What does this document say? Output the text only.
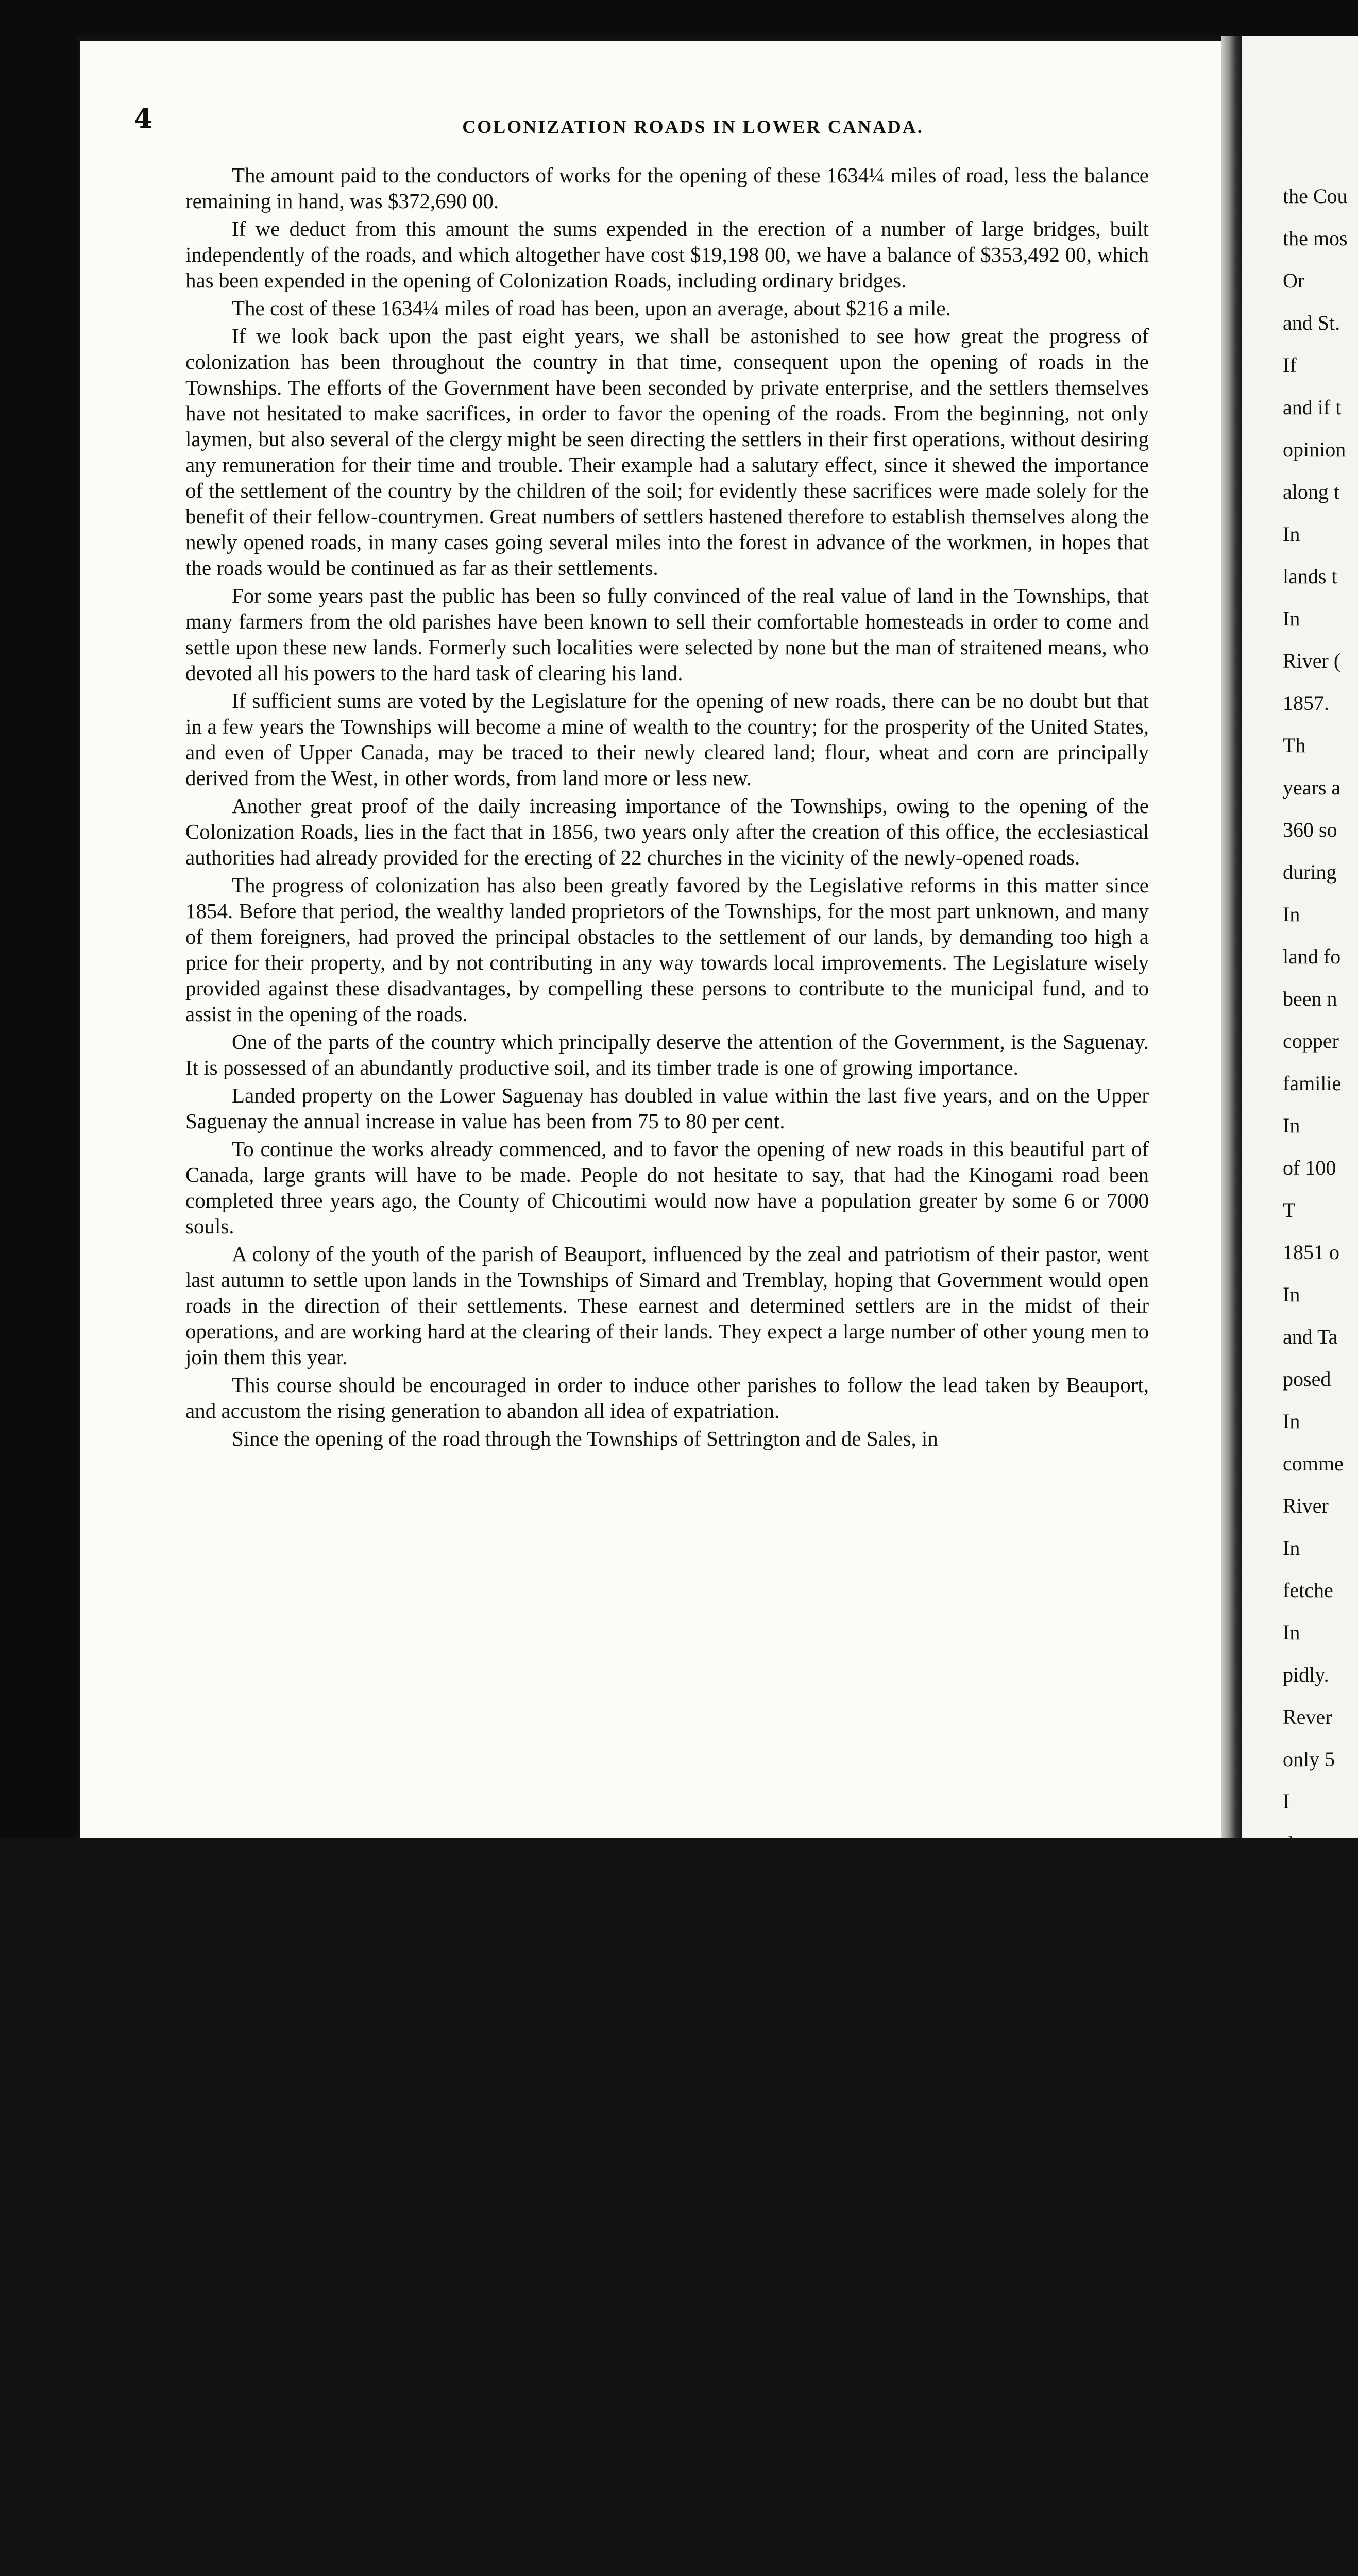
4	COLONIZATION ROADS IN LOWER CANADA.

The amount paid to the conductors of works for the opening of these 1634¼ miles of road, less the balance remaining in hand, was $372,690 00.

If we deduct from this amount the sums expended in the erection of a number of large bridges, built independently of the roads, and which altogether have cost $19,198 00, we have a balance of $353,492 00, which has been expended in the opening of Colonization Roads, including ordinary bridges.

The cost of these 1634¼ miles of road has been, upon an average, about $216 a mile.

If we look back upon the past eight years, we shall be astonished to see how great the progress of colonization has been throughout the country in that time, consequent upon the opening of roads in the Townships. The efforts of the Government have been seconded by private enterprise, and the settlers themselves have not hesitated to make sacrifices, in order to favor the opening of the roads. From the beginning, not only laymen, but also several of the clergy might be seen directing the settlers in their first operations, without desiring any remuneration for their time and trouble. Their example had a salutary effect, since it shewed the importance of the settlement of the country by the children of the soil; for evidently these sacrifices were made solely for the benefit of their fellow-countrymen. Great numbers of settlers hastened therefore to establish themselves along the newly opened roads, in many cases going several miles into the forest in advance of the workmen, in hopes that the roads would be continued as far as their settlements.

For some years past the public has been so fully convinced of the real value of land in the Townships, that many farmers from the old parishes have been known to sell their comfortable homesteads in order to come and settle upon these new lands. Formerly such localities were selected by none but the man of straitened means, who devoted all his powers to the hard task of clearing his land.

If sufficient sums are voted by the Legislature for the opening of new roads, there can be no doubt but that in a few years the Townships will become a mine of wealth to the country; for the prosperity of the United States, and even of Upper Canada, may be traced to their newly cleared land; flour, wheat and corn are principally derived from the West, in other words, from land more or less new.

Another great proof of the daily increasing importance of the Townships, owing to the opening of the Colonization Roads, lies in the fact that in 1856, two years only after the creation of this office, the ecclesiastical authorities had already provided for the erecting of 22 churches in the vicinity of the newly-opened roads.

The progress of colonization has also been greatly favored by the Legislative reforms in this matter since 1854. Before that period, the wealthy landed proprietors of the Townships, for the most part unknown, and many of them foreigners, had proved the principal obstacles to the settlement of our lands, by demanding too high a price for their property, and by not contributing in any way towards local improvements. The Legislature wisely provided against these disadvantages, by compelling these persons to contribute to the municipal fund, and to assist in the opening of the roads.

One of the parts of the country which principally deserve the attention of the Government, is the Saguenay. It is possessed of an abundantly productive soil, and its timber trade is one of growing importance.

Landed property on the Lower Saguenay has doubled in value within the last five years, and on the Upper Saguenay the annual increase in value has been from 75 to 80 per cent.

To continue the works already commenced, and to favor the opening of new roads in this beautiful part of Canada, large grants will have to be made. People do not hesitate to say, that had the Kinogami road been completed three years ago, the County of Chicoutimi would now have a population greater by some 6 or 7000 souls.

A colony of the youth of the parish of Beauport, influenced by the zeal and patriotism of their pastor, went last autumn to settle upon lands in the Townships of Simard and Tremblay, hoping that Government would open roads in the direction of their settlements. These earnest and determined settlers are in the midst of their operations, and are working hard at the clearing of their lands. They expect a large number of other young men to join them this year.

This course should be encouraged in order to induce other parishes to follow the lead taken by Beauport, and accustom the rising generation to abandon all idea of expatriation.

Since the opening of the road through the Townships of Settrington and de Sales, in

the Cou
the mos
Or
and St.
If
and if t
opinion
along t
In
lands t
In
River (
1857.
Th
years a
360 so
during
In
land fo
been n
copper
familie
In
of 100
T
1851 o
In
and Ta
posed
In
comme
River
In
fetche
In
pidly.
Rever
only 5
I
that t
T
counti
crease
Frencl
the in
V
settler
T
lands
will la
lation
A
numer
Acadi
among
T
allowe
